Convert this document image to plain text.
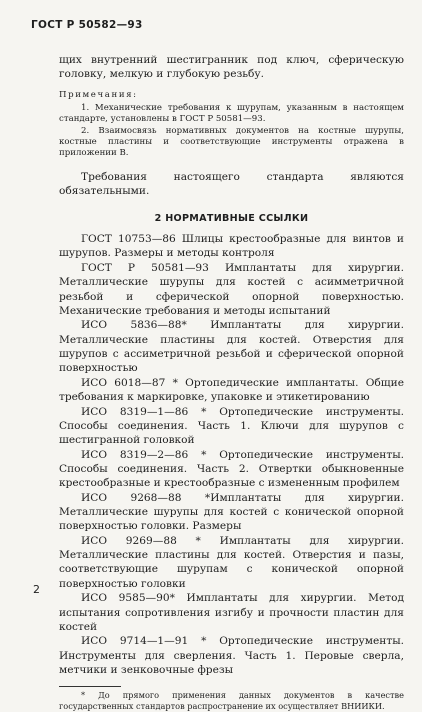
ГОСТ Р 50582—93

щих внутренний шестигранник под ключ, сферическую головку, мелкую и глубокую резьбу.

Примечания:

1. Механические требования к шурупам, указанным в настоящем стандарте, установлены в ГОСТ Р 50581—93.

2. Взаимосвязь нормативных документов на костные шурупы, костные пластины и соответствующие инструменты отражена в приложении В.

Требования настоящего стандарта являются обязательными.

2 НОРМАТИВНЫЕ ССЫЛКИ

ГОСТ 10753—86 Шлицы крестообразные для винтов и шурупов. Размеры и методы контроля

ГОСТ Р 50581—93 Имплантаты для хирургии. Металлические шурупы для костей с асимметричной резьбой и сферической опорной поверхностью. Механические требования и методы испытаний

ИСО 5836—88* Имплантаты для хирургии. Металлические пластины для костей. Отверстия для шурупов с ассиметричной резьбой и сферической опорной поверхностью

ИСО 6018—87 * Ортопедические имплантаты. Общие требования к маркировке, упаковке и этикетированию

ИСО 8319—1—86 * Ортопедические инструменты. Способы соединения. Часть 1. Ключи для шурупов с шестигранной головкой

ИСО 8319—2—86 * Ортопедические инструменты. Способы соединения. Часть 2. Отвертки обыкновенные крестообразные и крестообразные с измененным профилем

ИСО 9268—88 *Имплантаты для хирургии. Металлические шурупы для костей с конической опорной поверхностью головки. Размеры

ИСО 9269—88 * Имплантаты для хирургии. Металлические пластины для костей. Отверстия и пазы, соответствующие шурупам с конической опорной поверхностью головки

ИСО 9585—90* Имплантаты для хирургии. Метод испытания сопротивления изгибу и прочности пластин для костей

ИСО 9714—1—91 * Ортопедические инструменты. Инструменты для сверления. Часть 1. Перовые сверла, метчики и зенковочные фрезы

* До прямого применения данных документов в качестве государственных стандартов распространение их осуществляет ВНИИКИ.

2
